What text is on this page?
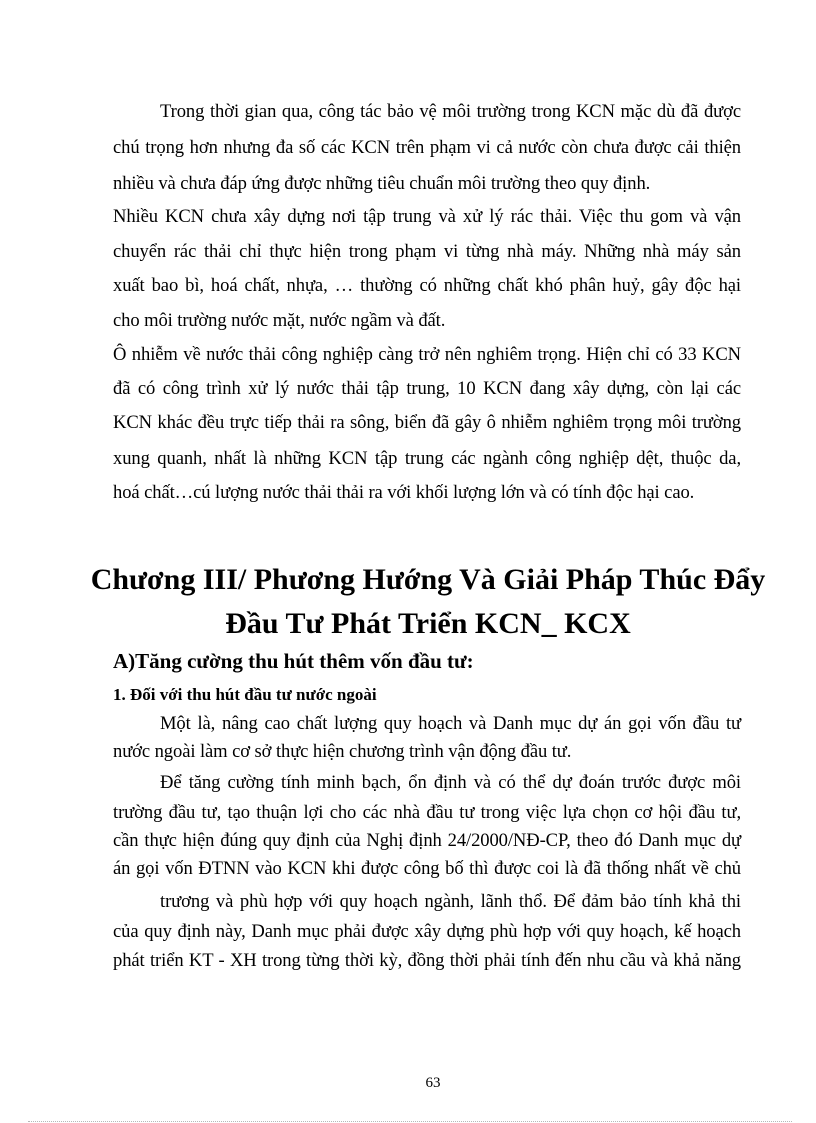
Trong thời gian qua, công tác bảo vệ môi trường trong KCN mặc dù đã được
chú trọng hơn nhưng đa số các KCN trên phạm vi cả nước còn chưa được cải thiện
nhiều và chưa đáp ứng được những tiêu chuẩn môi trường theo quy định.
Nhiều KCN chưa xây dựng nơi tập trung và xử lý rác thải. Việc thu gom và vận
chuyển rác thải chỉ thực hiện trong phạm vi từng nhà máy. Những nhà máy sản
xuất bao bì, hoá chất, nhựa, … thường có những chất khó phân huỷ, gây độc hại
cho môi trường nước mặt, nước ngầm và đất.
Ô nhiễm về nước thải công nghiệp càng trở nên nghiêm trọng. Hiện chỉ có 33 KCN
đã có công trình xử lý nước thải tập trung, 10 KCN đang xây dựng, còn lại các
KCN khác đều trực tiếp thải ra sông, biển đã gây ô nhiễm nghiêm trọng môi trường
xung quanh, nhất là những KCN tập trung các ngành công nghiệp dệt, thuộc da,
hoá chất…cú lượng nước thải thải ra với khối lượng lớn và có tính độc hại cao.
Chương III/ Phương Hướng Và Giải Pháp Thúc Đẩy
Đầu Tư Phát Triển KCN_ KCX
A)Tăng cường thu hút thêm vốn đầu tư:
1. Đối với thu hút đầu tư nước ngoài
Một là, nâng cao chất lượng quy hoạch và Danh mục dự án gọi vốn đầu tư
nước ngoài làm cơ sở thực hiện chương trình vận động đầu tư.
Để tăng cường tính minh bạch, ổn định và có thể dự đoán trước được môi
trường đầu tư, tạo thuận lợi cho các nhà đầu tư trong việc lựa chọn cơ hội đầu tư,
cần thực hiện đúng quy định của Nghị định 24/2000/NĐ-CP, theo đó Danh mục dự
án gọi vốn ĐTNN vào KCN khi được công bố thì được coi là đã thống nhất về chủ
trương và phù hợp với quy hoạch ngành, lãnh thổ. Để đảm bảo tính khả thi
của quy định này, Danh mục phải được xây dựng phù hợp với quy hoạch, kế hoạch
phát triển KT - XH trong từng thời kỳ, đồng thời phải tính đến nhu cầu và khả năng
63
